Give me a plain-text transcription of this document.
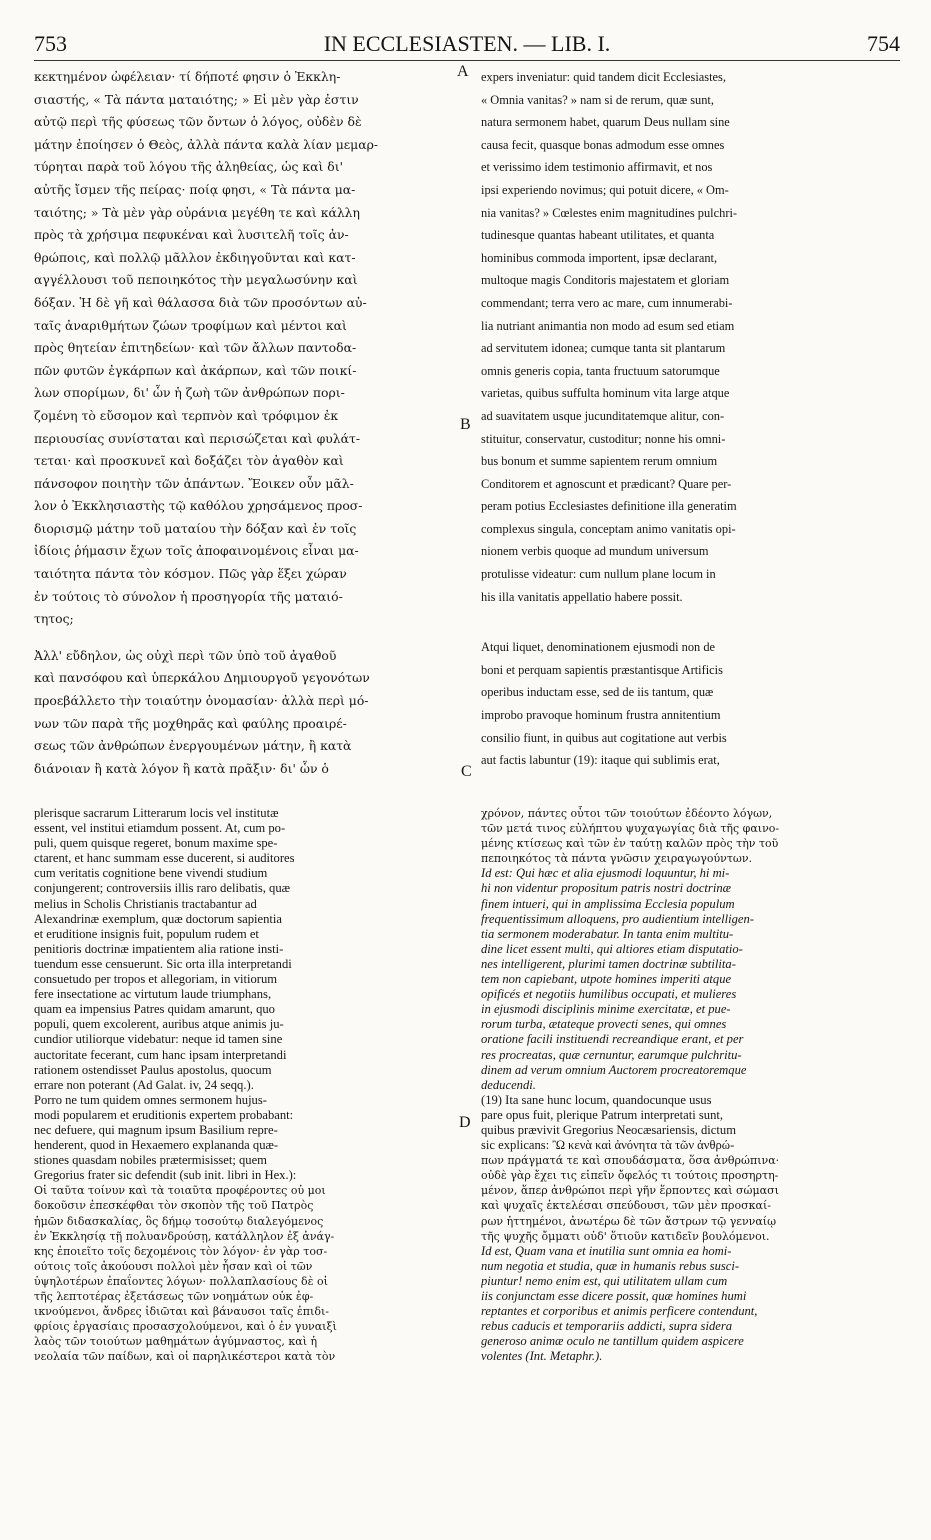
753	IN ECCLESIASTEN. — LIB. I.	754
A
B
C
D

κεκτημένον ὠφέλειαν· τί δήποτέ φησιν ὁ Ἐκκλη-

σιαστής, « Τὰ πάντα ματαιότης; » Εἰ μὲν γὰρ ἐστιν

αὐτῷ περὶ τῆς φύσεως τῶν ὄντων ὁ λόγος, οὐδὲν δὲ

μάτην ἐποίησεν ὁ Θεὸς, ἀλλὰ πάντα καλὰ λίαν μεμαρ-

τύρηται παρὰ τοῦ λόγου τῆς ἀληθείας, ὡς καὶ δι'

αὐτῆς ἴσμεν τῆς πείρας· ποίᾳ φησι, « Τὰ πάντα μα-

ταιότης; » Τὰ μὲν γὰρ οὐράνια μεγέθη τε καὶ κάλλη

πρὸς τὰ χρήσιμα πεφυκέναι καὶ λυσιτελῆ τοῖς ἀν-

θρώποις, καὶ πολλῷ μᾶλλον ἐκδιηγοῦνται καὶ κατ-

αγγέλλουσι τοῦ πεποιηκότος τὴν μεγαλωσύνην καὶ

δόξαν. Ἡ δὲ γῆ καὶ θάλασσα διὰ τῶν προσόντων αὐ-

ταῖς ἀναριθμήτων ζώων τροφίμων καὶ μέντοι καὶ

πρὸς θητείαν ἐπιτηδείων· καὶ τῶν ἄλλων παντοδα-

πῶν φυτῶν ἐγκάρπων καὶ ἀκάρπων, καὶ τῶν ποικί-

λων σπορίμων, δι' ὧν ἡ ζωὴ τῶν ἀνθρώπων πορι-

ζομένη τὸ εὔσομον καὶ τερπνὸν καὶ τρόφιμον ἐκ

περιουσίας συνίσταται καὶ περισώζεται καὶ φυλάτ-

τεται· καὶ προσκυνεῖ καὶ δοξάζει τὸν ἀγαθὸν καὶ

πάνσοφον ποιητὴν τῶν ἁπάντων. Ἔοικεν οὖν μᾶλ-

λον ὁ Ἐκκλησιαστὴς τῷ καθόλου χρησάμενος προσ-

διορισμῷ μάτην τοῦ ματαίου τὴν δόξαν καὶ ἐν τοῖς

ἰδίοις ῥήμασιν ἔχων τοῖς ἀποφαινομένοις εἶναι μα-

ταιότητα πάντα τὸν κόσμον. Πῶς γὰρ ἕξει χώραν

ἐν τούτοις τὸ σύνολον ἡ προσηγορία τῆς ματαιό-

τητος;

Ἀλλ' εὔδηλον, ὡς οὐχὶ περὶ τῶν ὑπὸ τοῦ ἀγαθοῦ

καὶ πανσόφου καὶ ὑπερκάλου Δημιουργοῦ γεγονότων

προεβάλλετο τὴν τοιαύτην ὀνομασίαν· ἀλλὰ περὶ μό-

νων τῶν παρὰ τῆς μοχθηρᾶς καὶ φαύλης προαιρέ-

σεως τῶν ἀνθρώπων ἐνεργουμένων μάτην, ἢ κατὰ

διάνοιαν ἢ κατὰ λόγον ἢ κατὰ πρᾶξιν· δι' ὧν ὁ

expers inveniatur: quid tandem dicit Ecclesiastes,

« Omnia vanitas? » nam si de rerum, quæ sunt,

natura sermonem habet, quarum Deus nullam sine

causa fecit, quasque bonas admodum esse omnes

et verissimo idem testimonio affirmavit, et nos

ipsi experiendo novimus; qui potuit dicere, « Om-

nia vanitas? » Cœlestes enim magnitudines pulchri-

tudinesque quantas habeant utilitates, et quanta

hominibus commoda importent, ipsæ declarant,

multoque magis Conditoris majestatem et gloriam

commendant; terra vero ac mare, cum innumerabi-

lia nutriant animantia non modo ad esum sed etiam

ad servitutem idonea; cumque tanta sit plantarum

omnis generis copia, tanta fructuum satorumque

varietas, quibus suffulta hominum vita large atque

ad suavitatem usque jucunditatemque alitur, con-

stituitur, conservatur, custoditur; nonne his omni-

bus bonum et summe sapientem rerum omnium

Conditorem et agnoscunt et prædicant? Quare per-

peram potius Ecclesiastes definitione illa generatim

complexus singula, conceptam animo vanitatis opi-

nionem verbis quoque ad mundum universum

protulisse videatur: cum nullum plane locum in

his illa vanitatis appellatio habere possit.

Atqui liquet, denominationem ejusmodi non de

boni et perquam sapientis præstantisque Artificis

operibus inductam esse, sed de iis tantum, quæ

improbo pravoque hominum frustra annitentium

consilio fiunt, in quibus aut cogitatione aut verbis

aut factis labuntur (19): itaque qui sublimis erat,

plerisque sacrarum Litterarum locis vel institutæ

essent, vel institui etiamdum possent. At, cum po-

puli, quem quisque regeret, bonum maxime spe-

ctarent, et hanc summam esse ducerent, si auditores

cum veritatis cognitione bene vivendi studium

conjungerent; controversiis illis raro delibatis, quæ

melius in Scholis Christianis tractabantur ad

Alexandrinæ exemplum, quæ doctorum sapientia

et eruditione insignis fuit, populum rudem et

penitioris doctrinæ impatientem alia ratione insti-

tuendum esse censuerunt. Sic orta illa interpretandi

consuetudo per tropos et allegoriam, in vitiorum

fere insectatione ac virtutum laude triumphans,

quam ea impensius Patres quidam amarunt, quo

populi, quem excolerent, auribus atque animis ju-

cundior utiliorque videbatur: neque id tamen sine

auctoritate fecerant, cum hanc ipsam interpretandi

rationem ostendisset Paulus apostolus, quocum

errare non poterant (Ad Galat. iv, 24 seqq.).

Porro ne tum quidem omnes sermonem hujus-

modi popularem et eruditionis expertem probabant:

nec defuere, qui magnum ipsum Basilium repre-

henderent, quod in Hexaemero explananda quæ-

stiones quasdam nobiles prætermisisset; quem

Gregorius frater sic defendit (sub init. libri in Hex.):

Οἱ ταῦτα τοίνυν καὶ τὰ τοιαῦτα προφέροντες οὐ μοι

δοκοῦσιν ἐπεσκέφθαι τὸν σκοπὸν τῆς τοῦ Πατρὸς

ἡμῶν διδασκαλίας, ὃς δήμῳ τοσούτῳ διαλεγόμενος

ἐν Ἐκκλησίᾳ τῇ πολυανδρούσῃ, κατάλληλον ἐξ ἀνάγ-

κης ἐποιεῖτο τοῖς δεχομένοις τὸν λόγον· ἐν γὰρ τοσ-

ούτοις τοῖς ἀκούουσι πολλοὶ μὲν ἦσαν καὶ οἱ τῶν

ὑψηλοτέρων ἐπαΐοντες λόγων· πολλαπλασίους δὲ οἱ

τῆς λεπτοτέρας ἐξετάσεως τῶν νοημάτων οὐκ ἐφ-

ικνούμενοι, ἄνδρες ἰδιῶται καὶ βάναυσοι ταῖς ἐπιδι-

φρίοις ἐργασίαις προσασχολούμενοι, καὶ ὁ ἐν γυναιξὶ

λαὸς τῶν τοιούτων μαθημάτων ἀγύμναστος, καὶ ἡ

νεολαία τῶν παίδων, καὶ οἱ παρηλικέστεροι κατὰ τὸν

χρόνον, πάντες οὗτοι τῶν τοιούτων ἐδέοντο λόγων,

τῶν μετά τινος εὐλήπτου ψυχαγωγίας διὰ τῆς φαινο-

μένης κτίσεως καὶ τῶν ἐν ταύτῃ καλῶν πρὸς τὴν τοῦ

πεποιηκότος τὰ πάντα γνῶσιν χειραγωγούντων.

Id est: Qui hæc et alia ejusmodi loquuntur, hi mi-

hi non videntur propositum patris nostri doctrinæ

finem intueri, qui in amplissima Ecclesia populum

frequentissimum alloquens, pro audientium intelligen-

tia sermonem moderabatur. In tanta enim multitu-

dine licet essent multi, qui altiores etiam disputatio-

nes intelligerent, plurimi tamen doctrinæ subtilita-

tem non capiebant, utpote homines imperiti atque

opificés et negotiis humilibus occupati, et mulieres

in ejusmodi disciplinis minime exercitatæ, et pue-

rorum turba, ætateque provecti senes, qui omnes

oratione facili instituendi recreandique erant, et per

res procreatas, quæ cernuntur, earumque pulchritu-

dinem ad verum omnium Auctorem procreatoremque

deducendi.

(19) Ita sane hunc locum, quandocunque usus

pare opus fuit, plerique Patrum interpretati sunt,

quibus prævivit Gregorius Neocæsariensis, dictum

sic explicans: Ὢ κενὰ καὶ ἀνόνητα τὰ τῶν ἀνθρώ-

πων πράγματά τε καὶ σπουδάσματα, ὅσα ἀνθρώπινα·

οὐδὲ γὰρ ἔχει τις εἰπεῖν ὄφελός τι τούτοις προσηρτη-

μένον, ἅπερ ἀνθρώποι περὶ γῆν ἕρποντες καὶ σώμασι

καὶ ψυχαῖς ἐκτελέσαι σπεύδουσι, τῶν μὲν προσκαί-

ρων ἡττημένοι, ἀνωτέρω δὲ τῶν ἄστρων τῷ γενναίῳ

τῆς ψυχῆς ὄμματι οὐδ' ὅτιοῦν κατιδεῖν βουλόμενοι.

Id est, Quam vana et inutilia sunt omnia ea homi-

num negotia et studia, quæ in humanis rebus susci-

piuntur! nemo enim est, qui utilitatem ullam cum

iis conjunctam esse dicere possit, quæ homines humi

reptantes et corporibus et animis perficere contendunt,

rebus caducis et temporariis addicti, supra sidera

generoso animæ oculo ne tantillum quidem aspicere

volentes (Int. Metaphr.).
